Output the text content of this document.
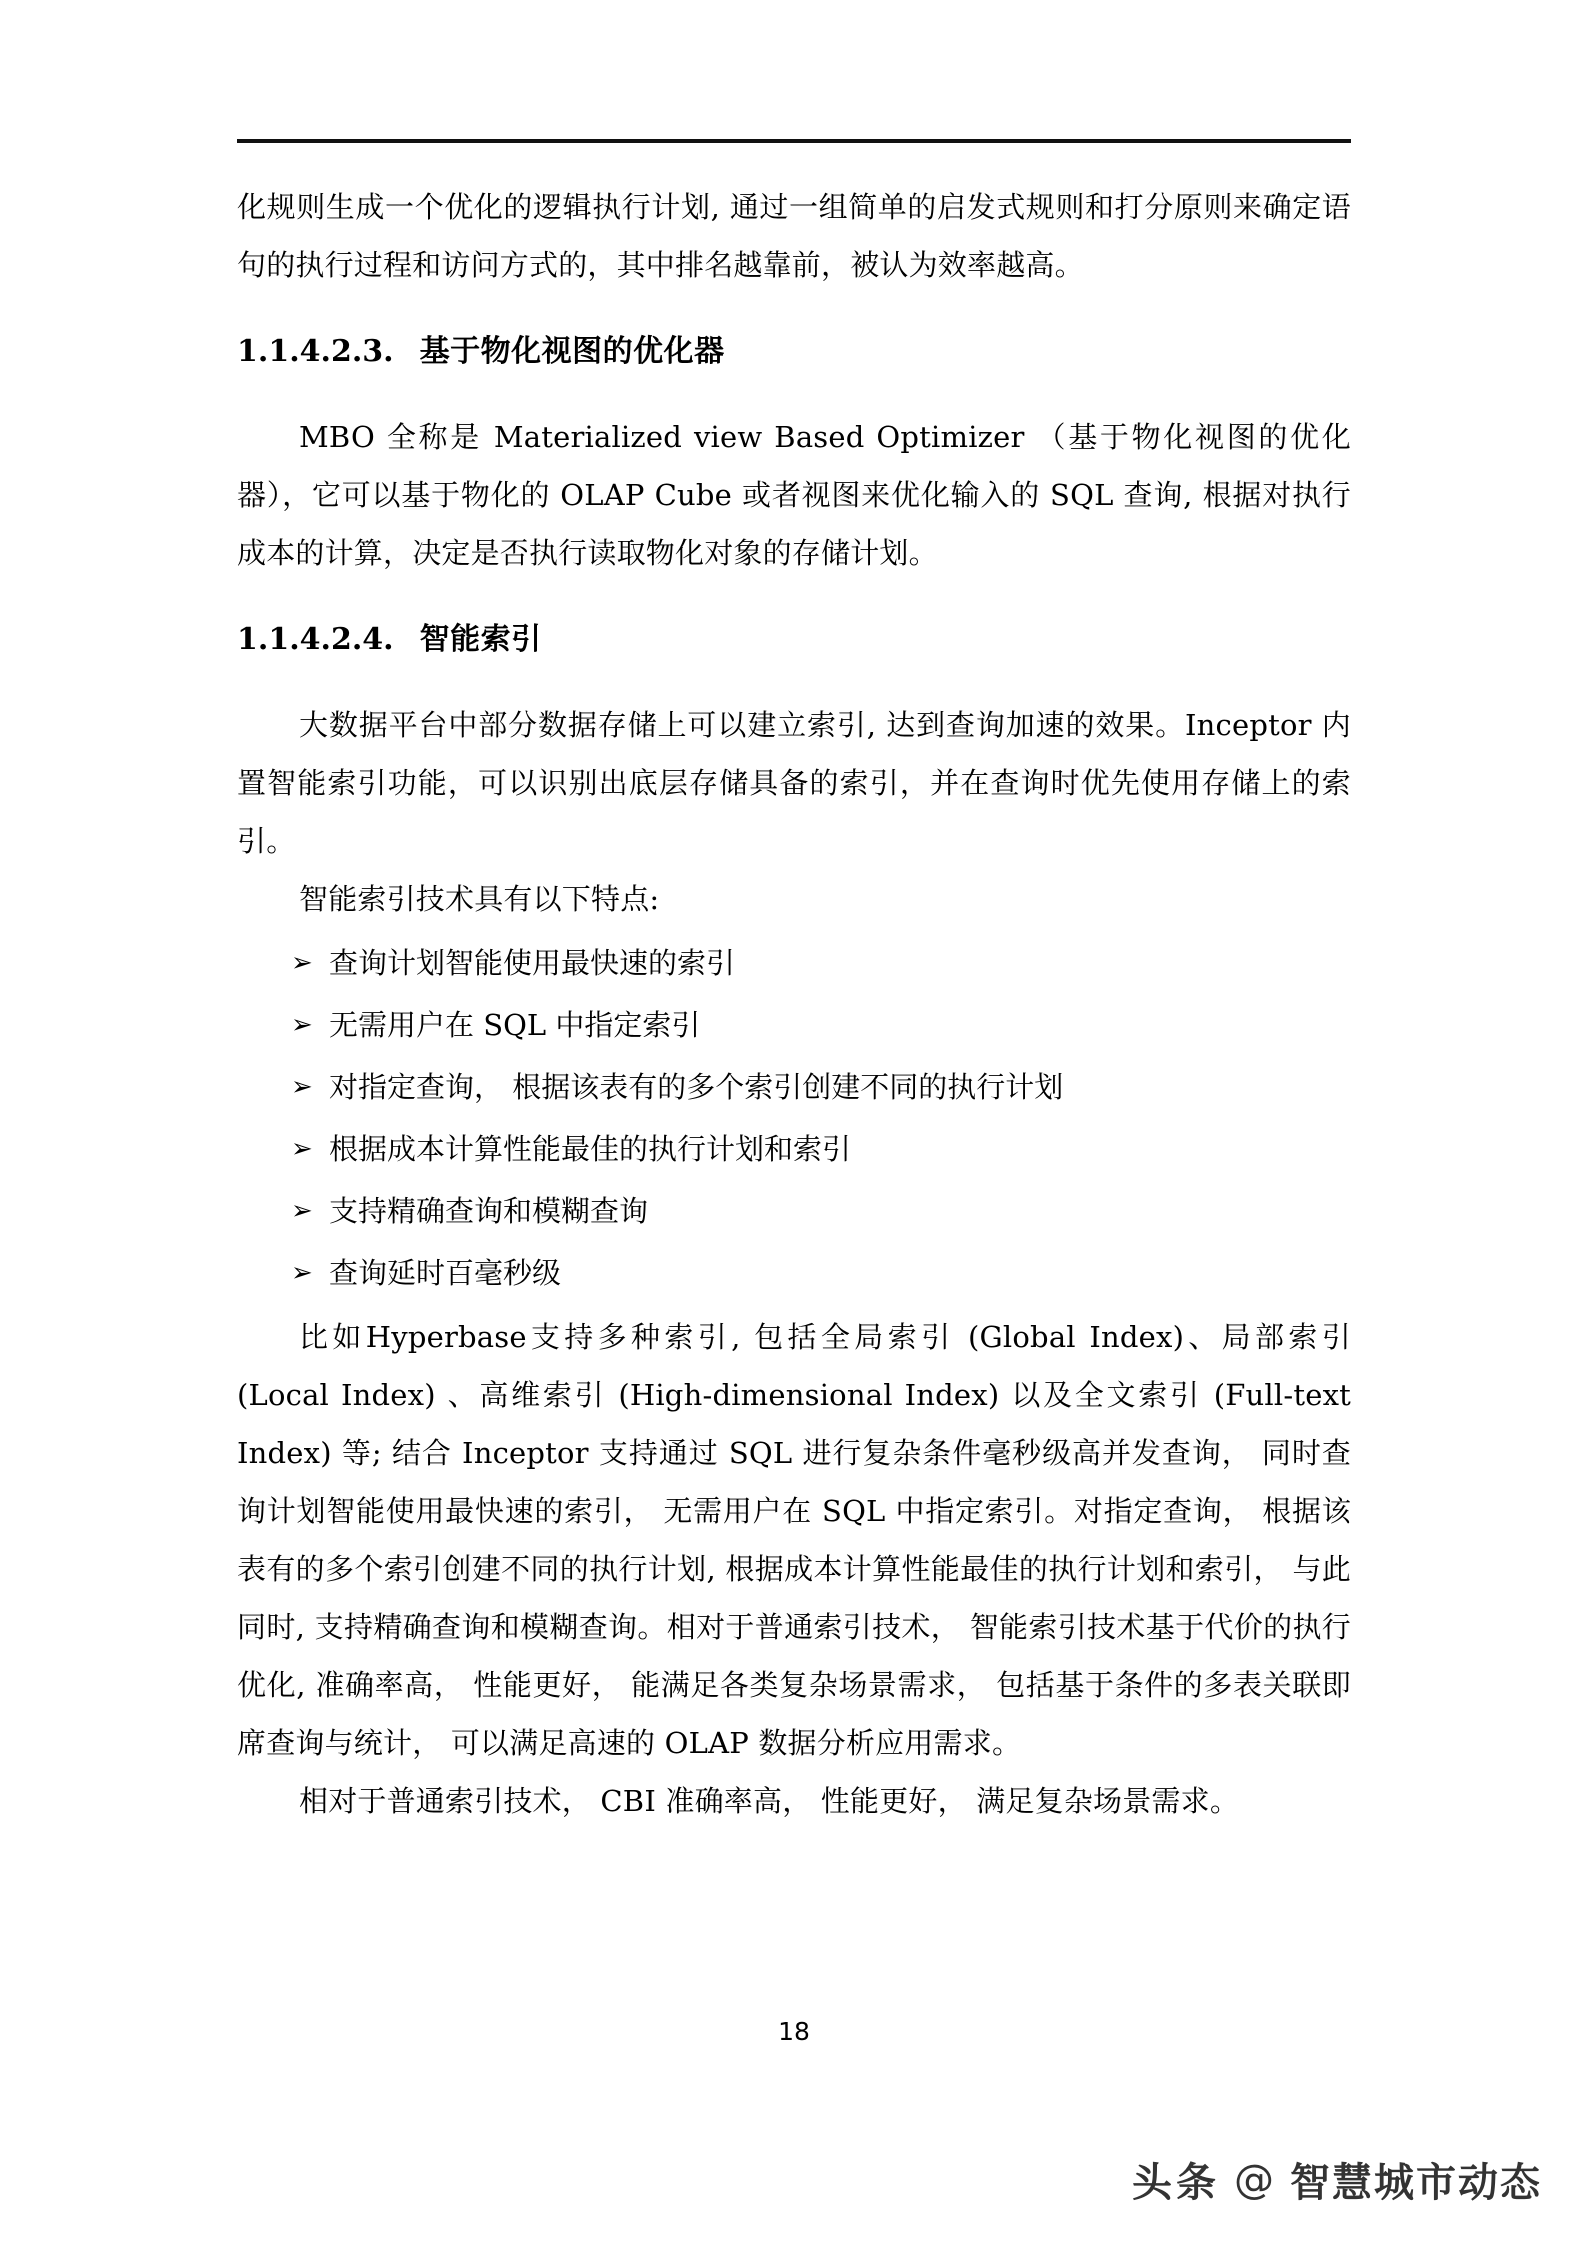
化规则生成一个优化的逻辑执行计划, 通过一组简单的启发式规则和打分原则来确定语句的执行过程和访问方式的，其中排名越靠前，被认为效率越高。

1.1.4.2.3. 基于物化视图的优化器

MBO 全称是 Materialized view Based Optimizer （基于物化视图的优化器），它可以基于物化的 OLAP Cube 或者视图来优化输入的 SQL 查询, 根据对执行成本的计算，决定是否执行读取物化对象的存储计划。

1.1.4.2.4. 智能索引

大数据平台中部分数据存储上可以建立索引, 达到查询加速的效果。Inceptor 内置智能索引功能，可以识别出底层存储具备的索引，并在查询时优先使用存储上的索引。

智能索引技术具有以下特点:

➢ 查询计划智能使用最快速的索引
➢ 无需用户在 SQL 中指定索引
➢ 对指定查询， 根据该表有的多个索引创建不同的执行计划
➢ 根据成本计算性能最佳的执行计划和索引
➢ 支持精确查询和模糊查询
➢ 查询延时百毫秒级

比如Hyperbase支持多种索引, 包括全局索引 (Global Index)、局部索引 (Local Index) 、高维索引 (High-dimensional Index) 以及全文索引 (Full-text Index) 等; 结合 Inceptor 支持通过 SQL 进行复杂条件毫秒级高并发查询， 同时查询计划智能使用最快速的索引， 无需用户在 SQL 中指定索引。对指定查询， 根据该表有的多个索引创建不同的执行计划, 根据成本计算性能最佳的执行计划和索引， 与此同时, 支持精确查询和模糊查询。相对于普通索引技术， 智能索引技术基于代价的执行优化, 准确率高， 性能更好， 能满足各类复杂场景需求， 包括基于条件的多表关联即席查询与统计， 可以满足高速的 OLAP 数据分析应用需求。

相对于普通索引技术， CBI 准确率高， 性能更好， 满足复杂场景需求。

18
头条 @ 智慧城市动态
